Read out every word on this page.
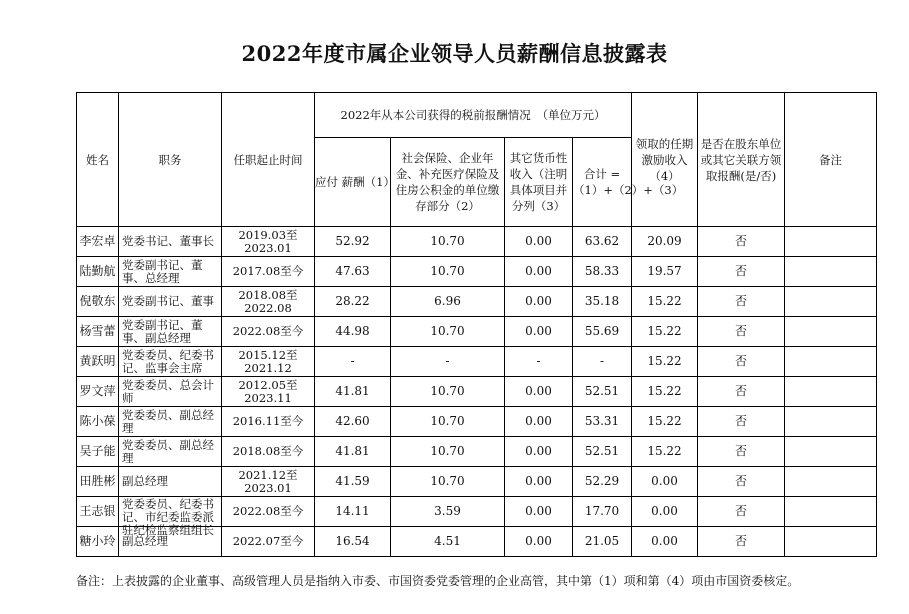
2022年度市属企业领导人员薪酬信息披露表
姓名	职务	任职起止时间	2022年从本公司获得的税前报酬情况　（单位万元）				领取的任期激励收入（4）	是否在股东单位或其它关联方领取报酬(是/否)	备注
			应付 薪酬（1）	社会保险、企业年金、补充医疗保险及住房公积金的单位缴存部分（2）	其它货币性收入（注明具体项目并分列（3）	合计 =（1）+（2）+（3）			

李宏卓	党委书记、董事长	2019.03至2023.01	52.92	10.70	0.00	63.62	20.09	否	

陆勤航	党委副书记、董事、总经理	2017.08至今	47.63	10.70	0.00	58.33	19.57	否	

倪敬东	党委副书记、董事	2018.08至2022.08	28.22	6.96	0.00	35.18	15.22	否	

杨雪蕾	党委副书记、董事、副总经理	2022.08至今	44.98	10.70	0.00	55.69	15.22	否	

黄跃明	党委委员、纪委书记、监事会主席	2015.12至2021.12	-	-	-	-	15.22	否	

罗文萍	党委委员、总会计师	2012.05至2023.11	41.81	10.70	0.00	52.51	15.22	否	

陈小葆	党委委员、副总经理	2016.11至今	42.60	10.70	0.00	53.31	15.22	否	

吴子能	党委委员、副总经理	2018.08至今	41.81	10.70	0.00	52.51	15.22	否	

田胜彬	副总经理	2021.12至2023.01	41.59	10.70	0.00	52.29	0.00	否	

王志银	党委委员、纪委书记、市纪委监委派驻纪检监察组组长	2022.08至今	14.11	3.59	0.00	17.70	0.00	否	

糖小玲	副总经理	2022.07至今	16.54	4.51	0.00	21.05	0.00	否	

备注：上表披露的企业董事、高级管理人员是指纳入市委、市国资委党委管理的企业高管，其中第（1）项和第（4）项由市国资委核定。
